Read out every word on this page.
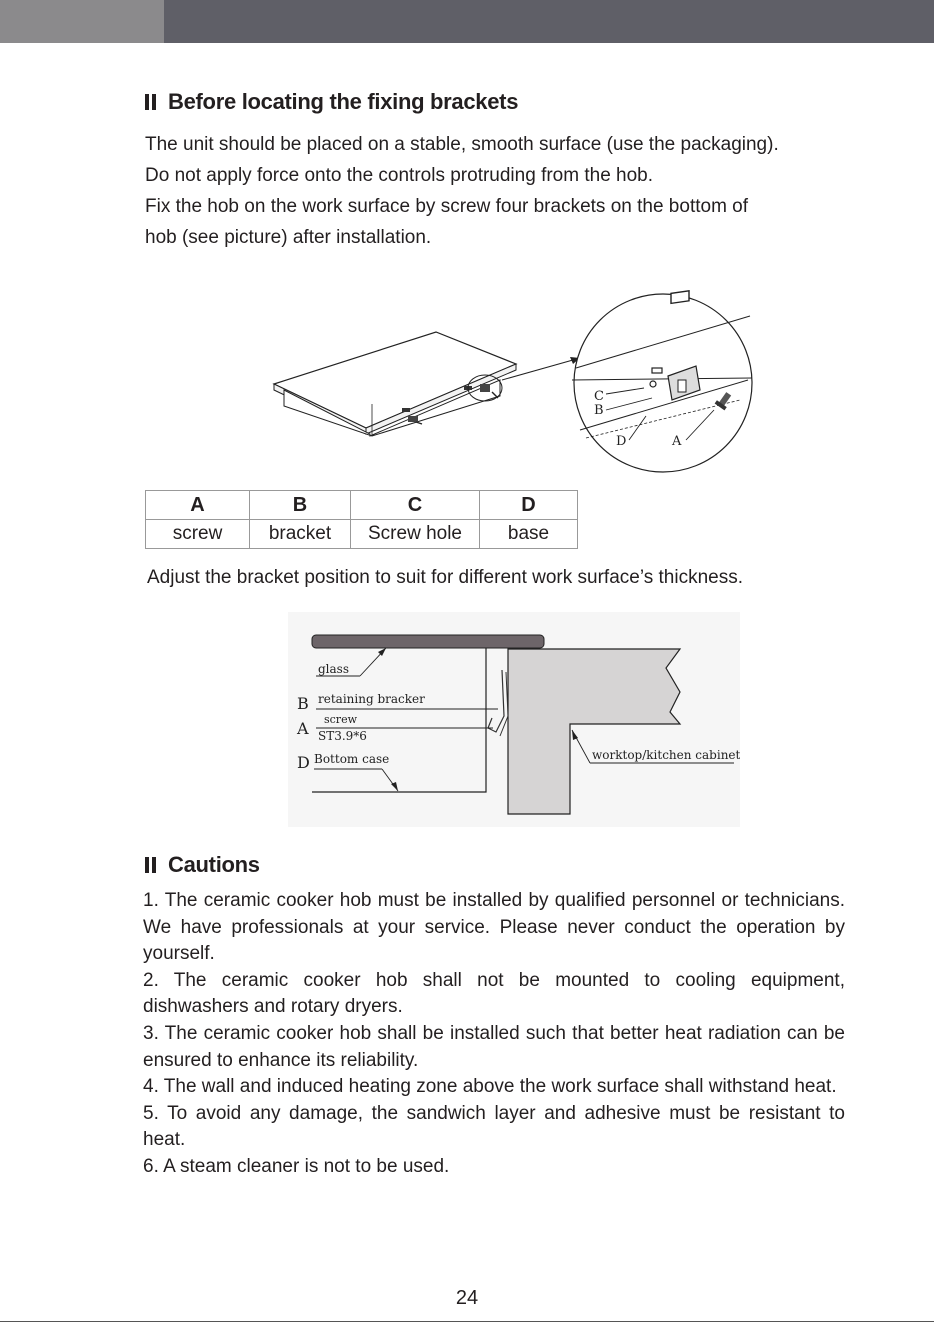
Before locating the fixing brackets

The unit should be placed on a stable, smooth surface (use the packaging).

Do not apply force onto the controls protruding from the hob.

Fix the hob on the work surface by screw four brackets on the bottom of

hob (see picture) after installation.

C
B
D	A
A	B	C	D
screw	bracket	Screw hole	base
Adjust the bracket position to suit for different work surface’s thickness.
glass
retaining bracker
screw
ST3.9*6
Bottom case	worktop/kitchen cabinet
B
A
D
Cautions

1. The ceramic cooker hob must be installed by qualified personnel or technicians. We have professionals at your service. Please never conduct the operation by yourself.

2. The ceramic cooker hob shall not be mounted to cooling equipment, dishwashers and rotary dryers.

3. The ceramic cooker hob shall be installed such that better heat radiation can be ensured to enhance its reliability.

4. The wall and induced heating zone above the work surface shall withstand heat.

5. To avoid any damage, the sandwich layer and adhesive must be resistant to heat.

6. A steam cleaner is not to be used.

24
